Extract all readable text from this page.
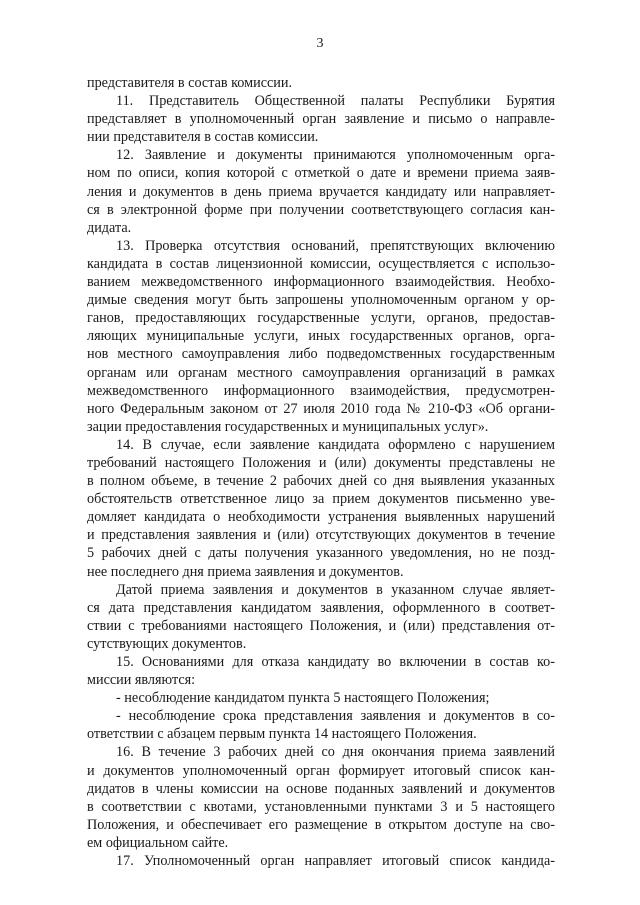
3
представителя в состав комиссии.
11. Представитель Общественной палаты Республики Бурятия
представляет в уполномоченный орган заявление и письмо о направле-
нии представителя в состав комиссии.
12. Заявление и документы принимаются уполномоченным орга-
ном по описи, копия которой с отметкой о дате и времени приема заяв-
ления и документов в день приема вручается кандидату или направляет-
ся в электронной форме при получении соответствующего согласия кан-
дидата.
13. Проверка отсутствия оснований, препятствующих включению
кандидата в состав лицензионной комиссии, осуществляется с использо-
ванием межведомственного информационного взаимодействия. Необхо-
димые сведения могут быть запрошены уполномоченным органом у ор-
ганов, предоставляющих государственные услуги, органов, предостав-
ляющих муниципальные услуги, иных государственных органов, орга-
нов местного самоуправления либо подведомственных государственным
органам или органам местного самоуправления организаций в рамках
межведомственного информационного взаимодействия, предусмотрен-
ного Федеральным законом от 27 июля 2010 года № 210-ФЗ «Об органи-
зации предоставления государственных и муниципальных услуг».
14. В случае, если заявление кандидата оформлено с нарушением
требований настоящего Положения и (или) документы представлены не
в полном объеме, в течение 2 рабочих дней со дня выявления указанных
обстоятельств ответственное лицо за прием документов письменно уве-
домляет кандидата о необходимости устранения выявленных нарушений
и представления заявления и (или) отсутствующих документов в течение
5 рабочих дней с даты получения указанного уведомления, но не позд-
нее последнего дня приема заявления и документов.
Датой приема заявления и документов в указанном случае являет-
ся дата представления кандидатом заявления, оформленного в соответ-
ствии с требованиями настоящего Положения, и (или) представления от-
сутствующих документов.
15. Основаниями для отказа кандидату во включении в состав ко-
миссии являются:
- несоблюдение кандидатом пункта 5 настоящего Положения;
- несоблюдение срока представления заявления и документов в со-
ответствии с абзацем первым пункта 14 настоящего Положения.
16. В течение 3 рабочих дней со дня окончания приема заявлений
и документов уполномоченный орган формирует итоговый список кан-
дидатов в члены комиссии на основе поданных заявлений и документов
в соответствии с квотами, установленными пунктами 3 и 5 настоящего
Положения, и обеспечивает его размещение в открытом доступе на сво-
ем официальном сайте.
17. Уполномоченный орган направляет итоговый список кандида-
